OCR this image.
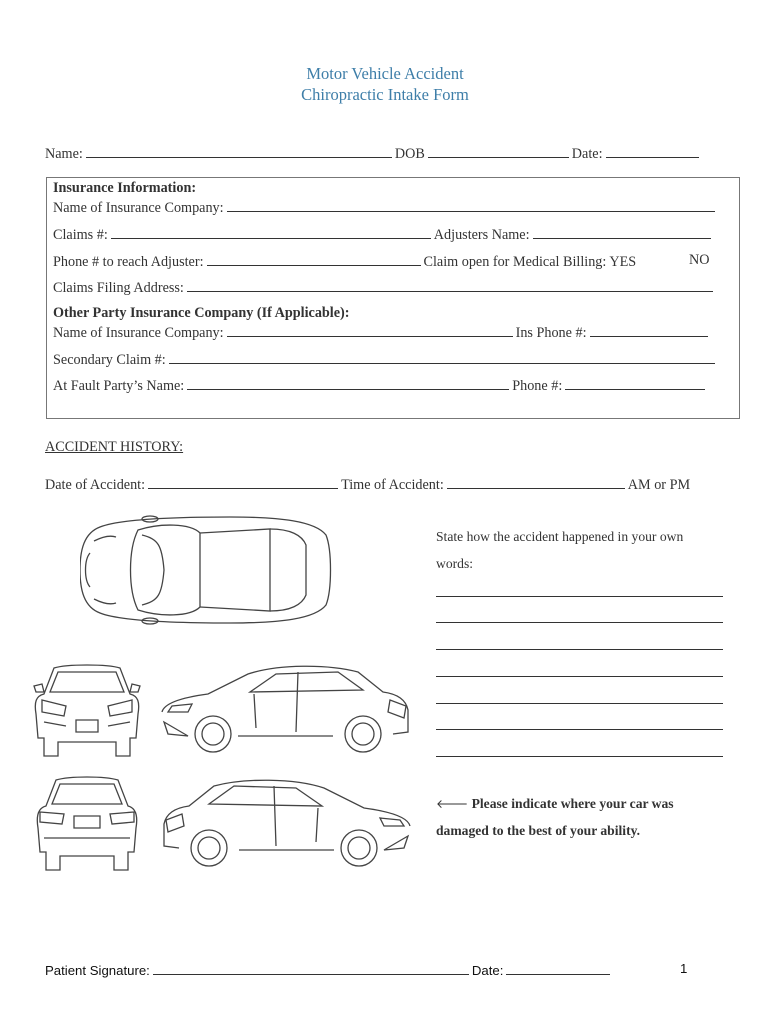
Motor Vehicle Accident
Chiropractic Intake Form
Name:	DOB	Date:
Insurance Information:
Name of Insurance Company:
Claims #:	Adjusters Name:
Phone # to reach Adjuster:	Claim open for Medical Billing: YES	NO
Claims Filing Address:
Other Party Insurance Company (If Applicable):
Name of Insurance Company:	Ins Phone #:
Secondary Claim #:
At Fault Party’s Name:	Phone #:
ACCIDENT HISTORY:
Date of Accident:	Time of Accident:	AM or PM
State how the accident happened in your own
words:
🡐 Please indicate where your car was
damaged to the best of your ability.
Patient Signature:	Date:	1
